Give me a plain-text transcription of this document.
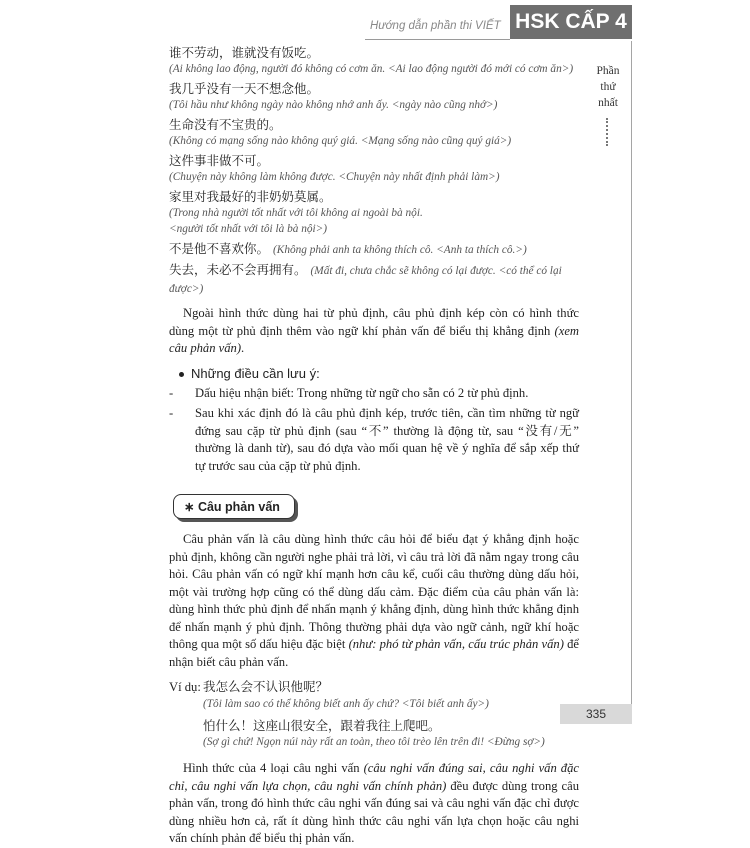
Hướng dẫn phần thi VIẾT HSK CẤP 4
Phần
thứ
nhất
谁不劳动，谁就没有饭吃。
(Ai không lao động, người đó không có cơm ăn. <Ai lao động người đó mới có cơm ăn>)
我几乎没有一天不想念他。
(Tôi hầu như không ngày nào không nhớ anh ấy. <ngày nào cũng nhớ>)
生命没有不宝贵的。
(Không có mạng sống nào không quý giá. <Mạng sống nào cũng quý giá>)
这件事非做不可。
(Chuyện này không làm không được. <Chuyện này nhất định phải làm>)
家里对我最好的非奶奶莫属。
(Trong nhà người tốt nhất với tôi không ai ngoài bà nội.
<người tốt nhất với tôi là bà nội>)
不是他不喜欢你。 (Không phải anh ta không thích cô. <Anh ta thích cô.>)
失去，未必不会再拥有。 (Mất đi, chưa chắc sẽ không có lại được. <có thể có lại được>)

Ngoài hình thức dùng hai từ phủ định, câu phủ định kép còn có hình thức dùng một từ phủ định thêm vào ngữ khí phản vấn để biểu thị khẳng định (xem câu phản vấn).

Những điều cần lưu ý:
- Dấu hiệu nhận biết: Trong những từ ngữ cho sẵn có 2 từ phủ định.
- Sau khi xác định đó là câu phủ định kép, trước tiên, cần tìm những từ ngữ đứng sau cặp từ phủ định (sau “不” thường là động từ, sau “没有/无” thường là danh từ), sau đó dựa vào mối quan hệ về ý nghĩa để sắp xếp thứ tự trước sau của cặp từ phủ định.
∗ Câu phản vấn

Câu phản vấn là câu dùng hình thức câu hỏi để biểu đạt ý khẳng định hoặc phủ định, không cần người nghe phải trả lời, vì câu trả lời đã nằm ngay trong câu hỏi. Câu phản vấn có ngữ khí mạnh hơn câu kể, cuối câu thường dùng dấu hỏi, một vài trường hợp cũng có thể dùng dấu cảm. Đặc điểm của câu phản vấn là: dùng hình thức phủ định để nhấn mạnh ý khẳng định, dùng hình thức khẳng định để nhấn mạnh ý phủ định. Thông thường phải dựa vào ngữ cảnh, ngữ khí hoặc thông qua một số dấu hiệu đặc biệt (như: phó từ phản vấn, cấu trúc phản vấn) để nhận biết câu phản vấn.

Ví dụ: 我怎么会不认识他呢？
(Tôi làm sao có thể không biết anh ấy chứ? <Tôi biết anh ấy>)
怕什么！这座山很安全，跟着我往上爬吧。
(Sợ gì chứ! Ngọn núi này rất an toàn, theo tôi trèo lên trên đi! <Đừng sợ>)

Hình thức của 4 loại câu nghi vấn (câu nghi vấn đúng sai, câu nghi vấn đặc chỉ, câu nghi vấn lựa chọn, câu nghi vấn chính phản) đều được dùng trong câu phản vấn, trong đó hình thức câu nghi vấn đúng sai và câu nghi vấn đặc chỉ được dùng nhiều hơn cả, rất ít dùng hình thức câu nghi vấn lựa chọn hoặc câu nghi vấn chính phản để biểu thị phản vấn.

335
